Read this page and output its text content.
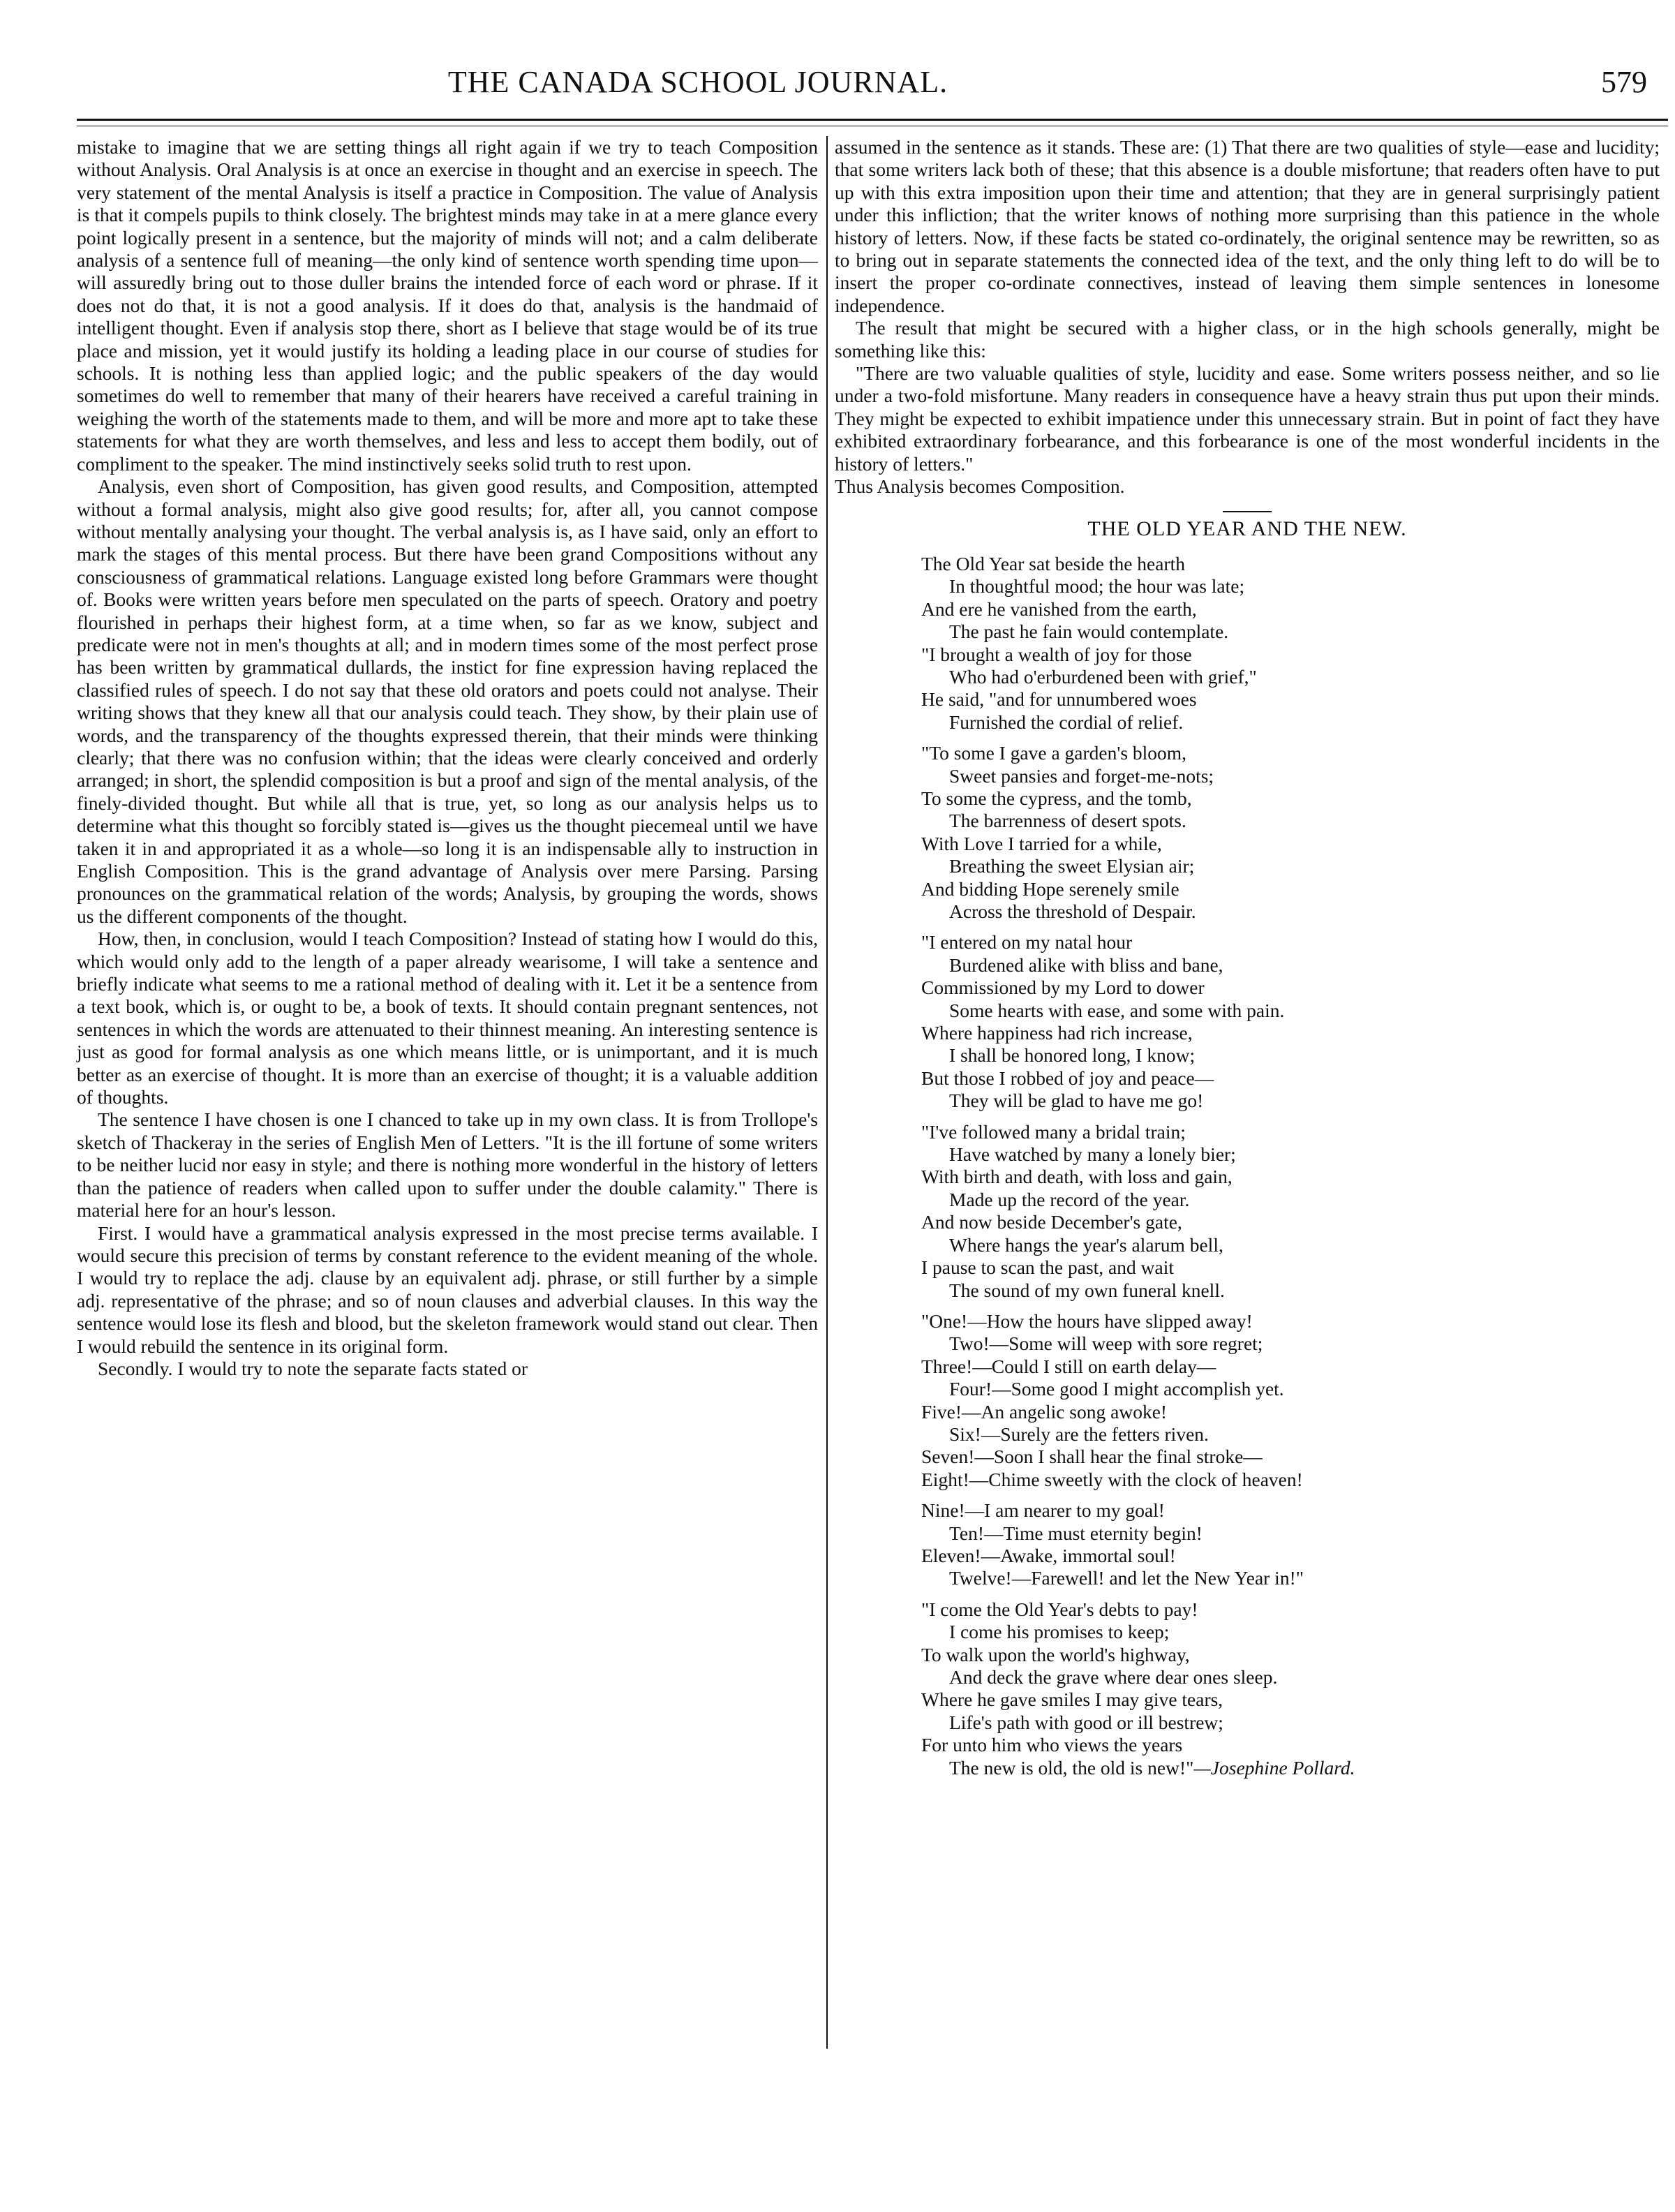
THE CANADA SCHOOL JOURNAL.	579

mistake to imagine that we are setting things all right again if we try to teach Composition without Analysis. Oral Analysis is at once an exercise in thought and an exercise in speech. The very statement of the mental Analysis is itself a practice in Composition. The value of Analysis is that it compels pupils to think closely. The brightest minds may take in at a mere glance every point logically present in a sentence, but the majority of minds will not; and a calm deliberate analysis of a sentence full of meaning—the only kind of sentence worth spending time upon—will assuredly bring out to those duller brains the intended force of each word or phrase. If it does not do that, it is not a good analysis. If it does do that, analysis is the handmaid of intelligent thought. Even if analysis stop there, short as I believe that stage would be of its true place and mission, yet it would justify its holding a leading place in our course of studies for schools. It is nothing less than applied logic; and the public speakers of the day would sometimes do well to remember that many of their hearers have received a careful training in weighing the worth of the statements made to them, and will be more and more apt to take these statements for what they are worth themselves, and less and less to accept them bodily, out of compliment to the speaker. The mind instinctively seeks solid truth to rest upon.

Analysis, even short of Composition, has given good results, and Composition, attempted without a formal analysis, might also give good results; for, after all, you cannot compose without mentally analysing your thought. The verbal analysis is, as I have said, only an effort to mark the stages of this mental process. But there have been grand Compositions without any consciousness of grammatical relations. Language existed long before Grammars were thought of. Books were written years before men speculated on the parts of speech. Oratory and poetry flourished in perhaps their highest form, at a time when, so far as we know, subject and predicate were not in men's thoughts at all; and in modern times some of the most perfect prose has been written by grammatical dullards, the instict for fine expression having replaced the classified rules of speech. I do not say that these old orators and poets could not analyse. Their writing shows that they knew all that our analysis could teach. They show, by their plain use of words, and the transparency of the thoughts expressed therein, that their minds were thinking clearly; that there was no confusion within; that the ideas were clearly conceived and orderly arranged; in short, the splendid composition is but a proof and sign of the mental analysis, of the finely-divided thought. But while all that is true, yet, so long as our analysis helps us to determine what this thought so forcibly stated is—gives us the thought piecemeal until we have taken it in and appropriated it as a whole—so long it is an indispensable ally to instruction in English Composition. This is the grand advantage of Analysis over mere Parsing. Parsing pronounces on the grammatical relation of the words; Analysis, by grouping the words, shows us the different components of the thought.

How, then, in conclusion, would I teach Composition? Instead of stating how I would do this, which would only add to the length of a paper already wearisome, I will take a sentence and briefly indicate what seems to me a rational method of dealing with it. Let it be a sentence from a text book, which is, or ought to be, a book of texts. It should contain pregnant sentences, not sentences in which the words are attenuated to their thinnest meaning. An interesting sentence is just as good for formal analysis as one which means little, or is unimportant, and it is much better as an exercise of thought. It is more than an exercise of thought; it is a valuable addition of thoughts.

The sentence I have chosen is one I chanced to take up in my own class. It is from Trollope's sketch of Thackeray in the series of English Men of Letters. "It is the ill fortune of some writers to be neither lucid nor easy in style; and there is nothing more wonderful in the history of letters than the patience of readers when called upon to suffer under the double calamity." There is material here for an hour's lesson.

First. I would have a grammatical analysis expressed in the most precise terms available. I would secure this precision of terms by constant reference to the evident meaning of the whole. I would try to replace the adj. clause by an equivalent adj. phrase, or still further by a simple adj. representative of the phrase; and so of noun clauses and adverbial clauses. In this way the sentence would lose its flesh and blood, but the skeleton framework would stand out clear. Then I would rebuild the sentence in its original form.

Secondly. I would try to note the separate facts stated or

assumed in the sentence as it stands. These are: (1) That there are two qualities of style—ease and lucidity; that some writers lack both of these; that this absence is a double misfortune; that readers often have to put up with this extra imposition upon their time and attention; that they are in general surprisingly patient under this infliction; that the writer knows of nothing more surprising than this patience in the whole history of letters. Now, if these facts be stated co-ordinately, the original sentence may be rewritten, so as to bring out in separate statements the connected idea of the text, and the only thing left to do will be to insert the proper co-ordinate connectives, instead of leaving them simple sentences in lonesome independence.

The result that might be secured with a higher class, or in the high schools generally, might be something like this:

"There are two valuable qualities of style, lucidity and ease. Some writers possess neither, and so lie under a two-fold misfortune. Many readers in consequence have a heavy strain thus put upon their minds. They might be expected to exhibit impatience under this unnecessary strain. But in point of fact they have exhibited extraordinary forbearance, and this forbearance is one of the most wonderful incidents in the history of letters."

Thus Analysis becomes Composition.

THE OLD YEAR AND THE NEW.
The Old Year sat beside the hearth
In thoughtful mood; the hour was late;
And ere he vanished from the earth,
The past he fain would contemplate.
"I brought a wealth of joy for those
Who had o'erburdened been with grief,"
He said, "and for unnumbered woes
Furnished the cordial of relief.
"To some I gave a garden's bloom,
Sweet pansies and forget-me-nots;
To some the cypress, and the tomb,
The barrenness of desert spots.
With Love I tarried for a while,
Breathing the sweet Elysian air;
And bidding Hope serenely smile
Across the threshold of Despair.
"I entered on my natal hour
Burdened alike with bliss and bane,
Commissioned by my Lord to dower
Some hearts with ease, and some with pain.
Where happiness had rich increase,
I shall be honored long, I know;
But those I robbed of joy and peace—
They will be glad to have me go!
"I've followed many a bridal train;
Have watched by many a lonely bier;
With birth and death, with loss and gain,
Made up the record of the year.
And now beside December's gate,
Where hangs the year's alarum bell,
I pause to scan the past, and wait
The sound of my own funeral knell.
"One!—How the hours have slipped away!
Two!—Some will weep with sore regret;
Three!—Could I still on earth delay—
Four!—Some good I might accomplish yet.
Five!—An angelic song awoke!
Six!—Surely are the fetters riven.
Seven!—Soon I shall hear the final stroke—
Eight!—Chime sweetly with the clock of heaven!
Nine!—I am nearer to my goal!
Ten!—Time must eternity begin!
Eleven!—Awake, immortal soul!
Twelve!—Farewell! and let the New Year in!"
"I come the Old Year's debts to pay!
I come his promises to keep;
To walk upon the world's highway,
And deck the grave where dear ones sleep.
Where he gave smiles I may give tears,
Life's path with good or ill bestrew;
For unto him who views the years
The new is old, the old is new!"—Josephine Pollard.
